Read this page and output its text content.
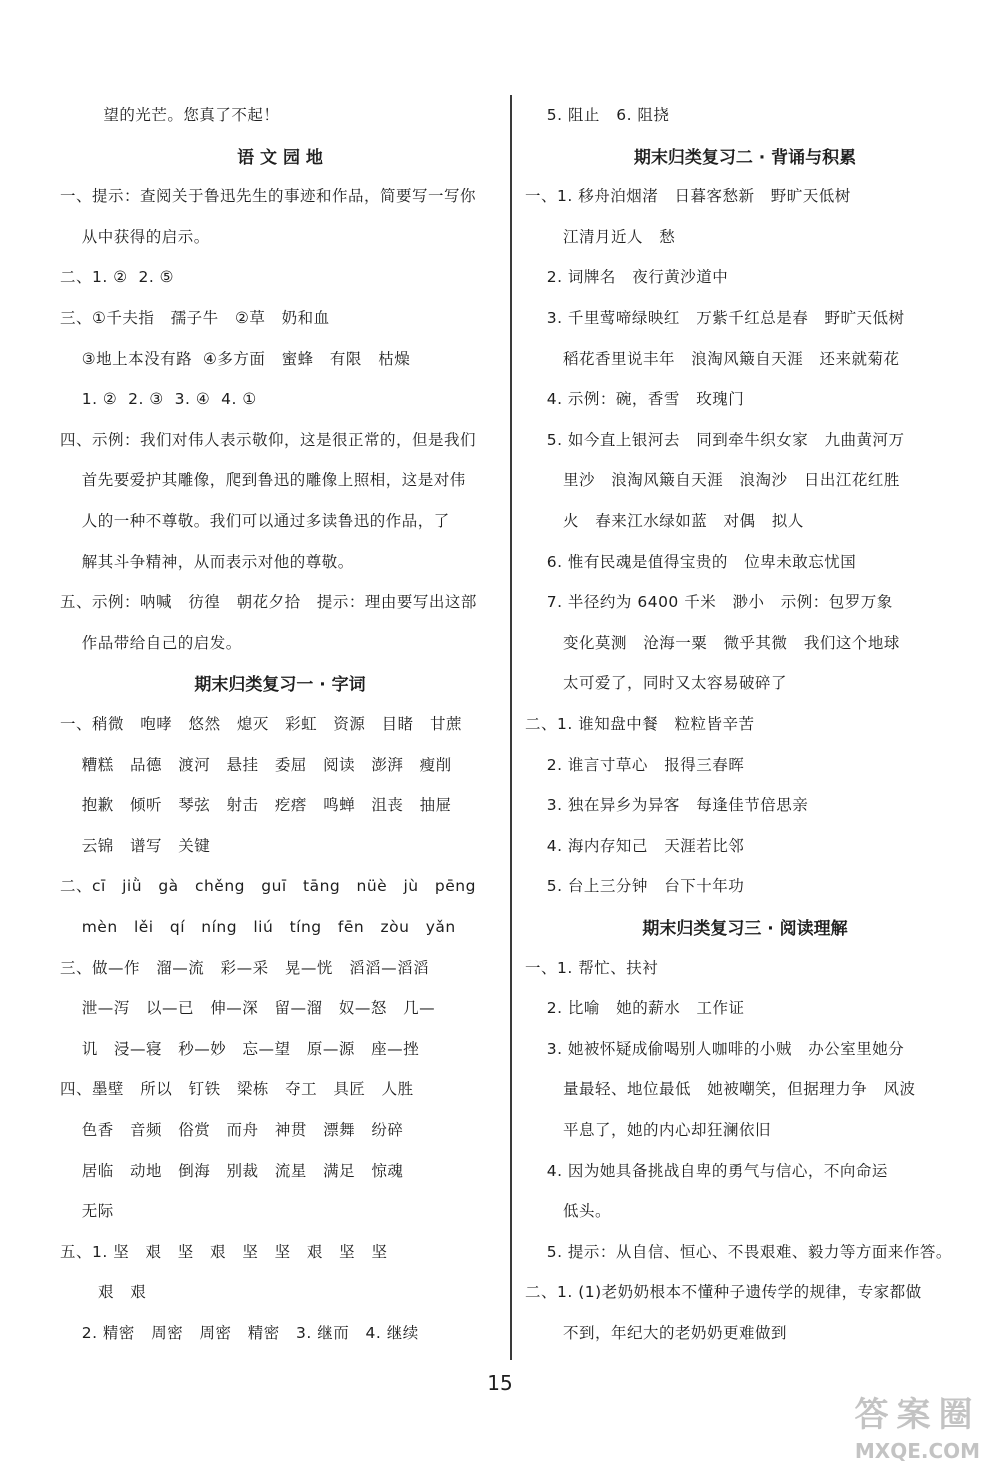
望的光芒。您真了不起！
语 文 园 地
一、提示：查阅关于鲁迅先生的事迹和作品，简要写一写你
从中获得的启示。
二、1. ②  2. ⑤
三、①千夫指   孺子牛   ②草   奶和血
③地上本没有路  ④多方面   蜜蜂   有限   枯燥
1. ②  2. ③  3. ④  4. ①
四、示例：我们对伟人表示敬仰，这是很正常的，但是我们
首先要爱护其雕像，爬到鲁迅的雕像上照相，这是对伟
人的一种不尊敬。我们可以通过多读鲁迅的作品，了
解其斗争精神，从而表示对他的尊敬。
五、示例：呐喊   彷徨   朝花夕拾   提示：理由要写出这部
作品带给自己的启发。
期末归类复习一 · 字词
一、稍微   咆哮   悠然   熄灭   彩虹   资源   目睹   甘蔗
糟糕   品德   渡河   悬挂   委屈   阅读   澎湃   瘦削
抱歉   倾听   琴弦   射击   疙瘩   鸣蝉   沮丧   抽屉
云锦   谱写   关键
二、cī   jiǜ   gà   chěng   guī   tāng   nüè   jù   pēng
mèn   lěi   qí   níng   liú   tíng   fēn   zòu   yǎn
三、做—作   溜—流   彩—采   晃—恍   滔滔—滔滔
泄—泻   以—已   伸—深   留—溜   奴—怒   几—
讥   浸—寝   秒—妙   忘—望   原—源   座—挫
四、墨壁   所以   钉铁   梁栋   夺工   具匠   人胜
色香   音频   俗赏   而舟   神贯   漂舞   纷碎
居临   动地   倒海   别裁   流星   满足   惊魂
无际
五、1. 坚   艰   坚   艰   坚   坚   艰   坚   坚
艰   艰
2. 精密   周密   周密   精密   3. 继而   4. 继续
5. 阻止   6. 阻挠
期末归类复习二 · 背诵与积累
一、1. 移舟泊烟渚   日暮客愁新   野旷天低树
江清月近人   愁
2. 词牌名   夜行黄沙道中
3. 千里莺啼绿映红   万紫千红总是春   野旷天低树
稻花香里说丰年   浪淘风簸自天涯   还来就菊花
4. 示例：碗，香雪   玫瑰门
5. 如今直上银河去   同到牵牛织女家   九曲黄河万
里沙   浪淘风簸自天涯   浪淘沙   日出江花红胜
火   春来江水绿如蓝   对偶   拟人
6. 惟有民魂是值得宝贵的   位卑未敢忘忧国
7. 半径约为 6400 千米   渺小   示例：包罗万象
变化莫测   沧海一粟   微乎其微   我们这个地球
太可爱了，同时又太容易破碎了
二、1. 谁知盘中餐   粒粒皆辛苦
2. 谁言寸草心   报得三春晖
3. 独在异乡为异客   每逢佳节倍思亲
4. 海内存知己   天涯若比邻
5. 台上三分钟   台下十年功
期末归类复习三 · 阅读理解
一、1. 帮忙、扶衬
2. 比喻   她的薪水   工作证
3. 她被怀疑成偷喝别人咖啡的小贼   办公室里她分
量最轻、地位最低   她被嘲笑，但据理力争   风波
平息了，她的内心却狂澜依旧
4. 因为她具备挑战自卑的勇气与信心，不向命运
低头。
5. 提示：从自信、恒心、不畏艰难、毅力等方面来作答。
二、1. (1)老奶奶根本不懂种子遗传学的规律，专家都做
不到，年纪大的老奶奶更难做到
15
答案圈
MXQE.COM
